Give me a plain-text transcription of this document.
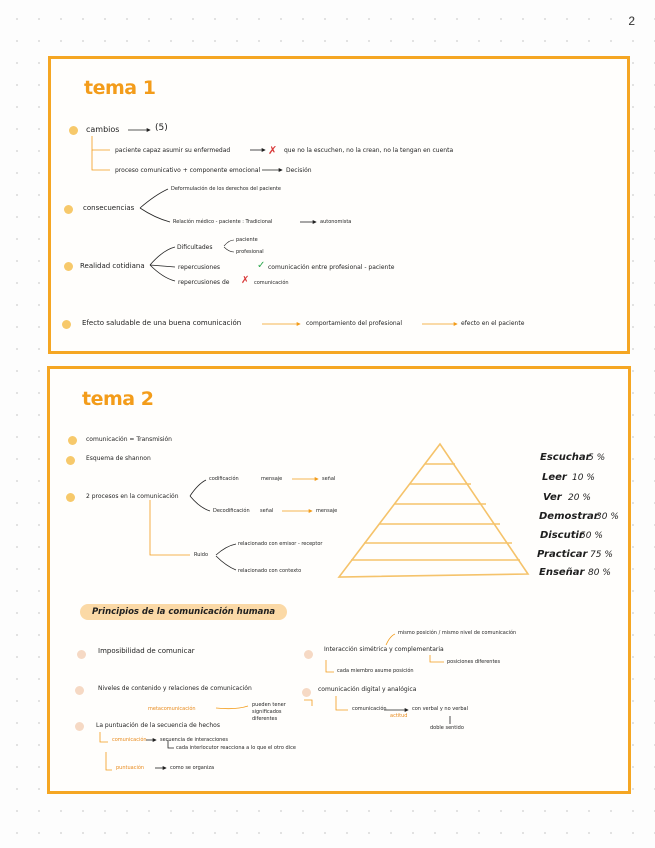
2
tema 1
cambios	(5)
paciente capaz asumir su enfermedad	✗ que no la escuchen, no la crean, no la tengan en cuenta
proceso comunicativo + componente emocional	Decisión
consecuencias
Deformulación de los derechos del paciente
Relación médico - paciente : Tradicional	autonomista
Realidad cotidiana
Dificultades
paciente
profesional
repercusiones	✓ comunicación entre profesional - paciente
repercusiones de ✗ comunicación
Efecto saludable de una buena comunicación	comportamiento del profesional	efecto en el paciente
tema 2
comunicación = Transmisión
Esquema de shannon
2 procesos en la comunicación
codificación	mensaje	señal
Decodificación señal	mensaje
Ruido
relacionado con emisor - receptor
relacionado con contexto
Escuchar
5 %
Leer 10 %
Ver 20 %
Demostrar
30 %
Discutir
50 %
Practicar 75 %
Enseñar 80 %
Principios de la comunicación humana
Imposibilidad de comunicar
Niveles de contenido y relaciones de comunicación
metacomunicación
pueden tener significados diferentes
La puntuación de la secuencia de hechos
comunicación	secuencia de interacciones
cada interlocutor reacciona a lo que el otro dice
puntuación	como se organiza
Interacción simétrica y complementaria
mismo posición / mismo nivel de comunicación
posiciones diferentes
cada miembro asume posición
comunicación digital y analógica
comunicación	con verbal y no verbal
actitud
doble sentido
